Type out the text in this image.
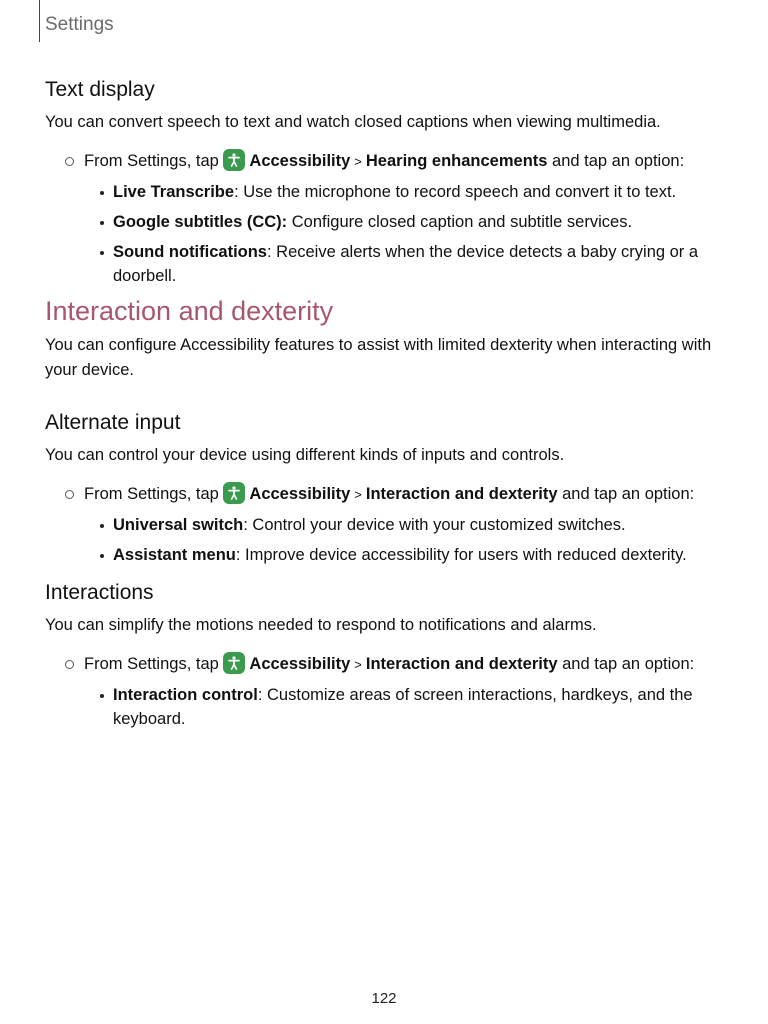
Settings
Text display

You can convert speech to text and watch closed captions when viewing multimedia.

From Settings, tap Accessibility > Hearing enhancements and tap an option:
Live Transcribe: Use the microphone to record speech and convert it to text.
Google subtitles (CC): Configure closed caption and subtitle services.
Sound notifications: Receive alerts when the device detects a baby crying or a doorbell.
Interaction and dexterity

You can configure Accessibility features to assist with limited dexterity when interacting with your device.

Alternate input

You can control your device using different kinds of inputs and controls.

From Settings, tap Accessibility > Interaction and dexterity and tap an option:
Universal switch: Control your device with your customized switches.
Assistant menu: Improve device accessibility for users with reduced dexterity.
Interactions

You can simplify the motions needed to respond to notifications and alarms.

From Settings, tap Accessibility > Interaction and dexterity and tap an option:
Interaction control: Customize areas of screen interactions, hardkeys, and the keyboard.
122
